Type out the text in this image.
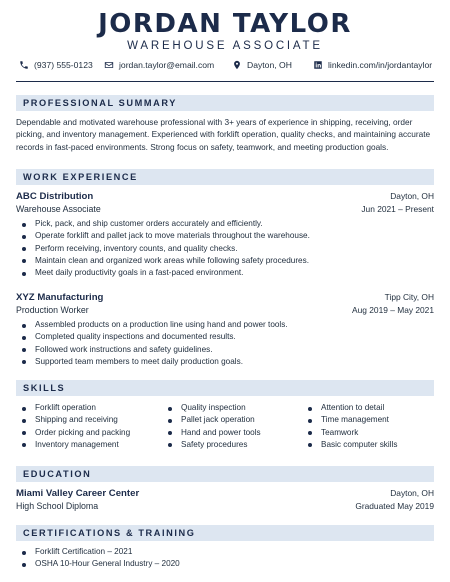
JORDAN TAYLOR
WAREHOUSE ASSOCIATE
(937) 555-0123	jordan.taylor@email.com	Dayton, OH	linkedin.com/in/jordantaylor
PROFESSIONAL SUMMARY
Dependable and motivated warehouse professional with 3+ years of experience in shipping, receiving, order picking, and inventory management. Experienced with forklift operation, quality checks, and maintaining accurate records in fast-paced environments. Strong focus on safety, teamwork, and meeting production goals.
WORK EXPERIENCE
ABC Distribution	Dayton, OH
Warehouse Associate	Jun 2021 – Present
Pick, pack, and ship customer orders accurately and efficiently.
Operate forklift and pallet jack to move materials throughout the warehouse.
Perform receiving, inventory counts, and quality checks.
Maintain clean and organized work areas while following safety procedures.
Meet daily productivity goals in a fast-paced environment.
XYZ Manufacturing	Tipp City, OH
Production Worker	Aug 2019 – May 2021
Assembled products on a production line using hand and power tools.
Completed quality inspections and documented results.
Followed work instructions and safety guidelines.
Supported team members to meet daily production goals.
SKILLS
Forklift operation
Shipping and receiving
Order picking and packing
Inventory management
Quality inspection
Pallet jack operation
Hand and power tools
Safety procedures
Attention to detail
Time management
Teamwork
Basic computer skills
EDUCATION
Miami Valley Career Center	Dayton, OH
High School Diploma	Graduated May 2019
CERTIFICATIONS & TRAINING
Forklift Certification – 2021
OSHA 10-Hour General Industry – 2020
